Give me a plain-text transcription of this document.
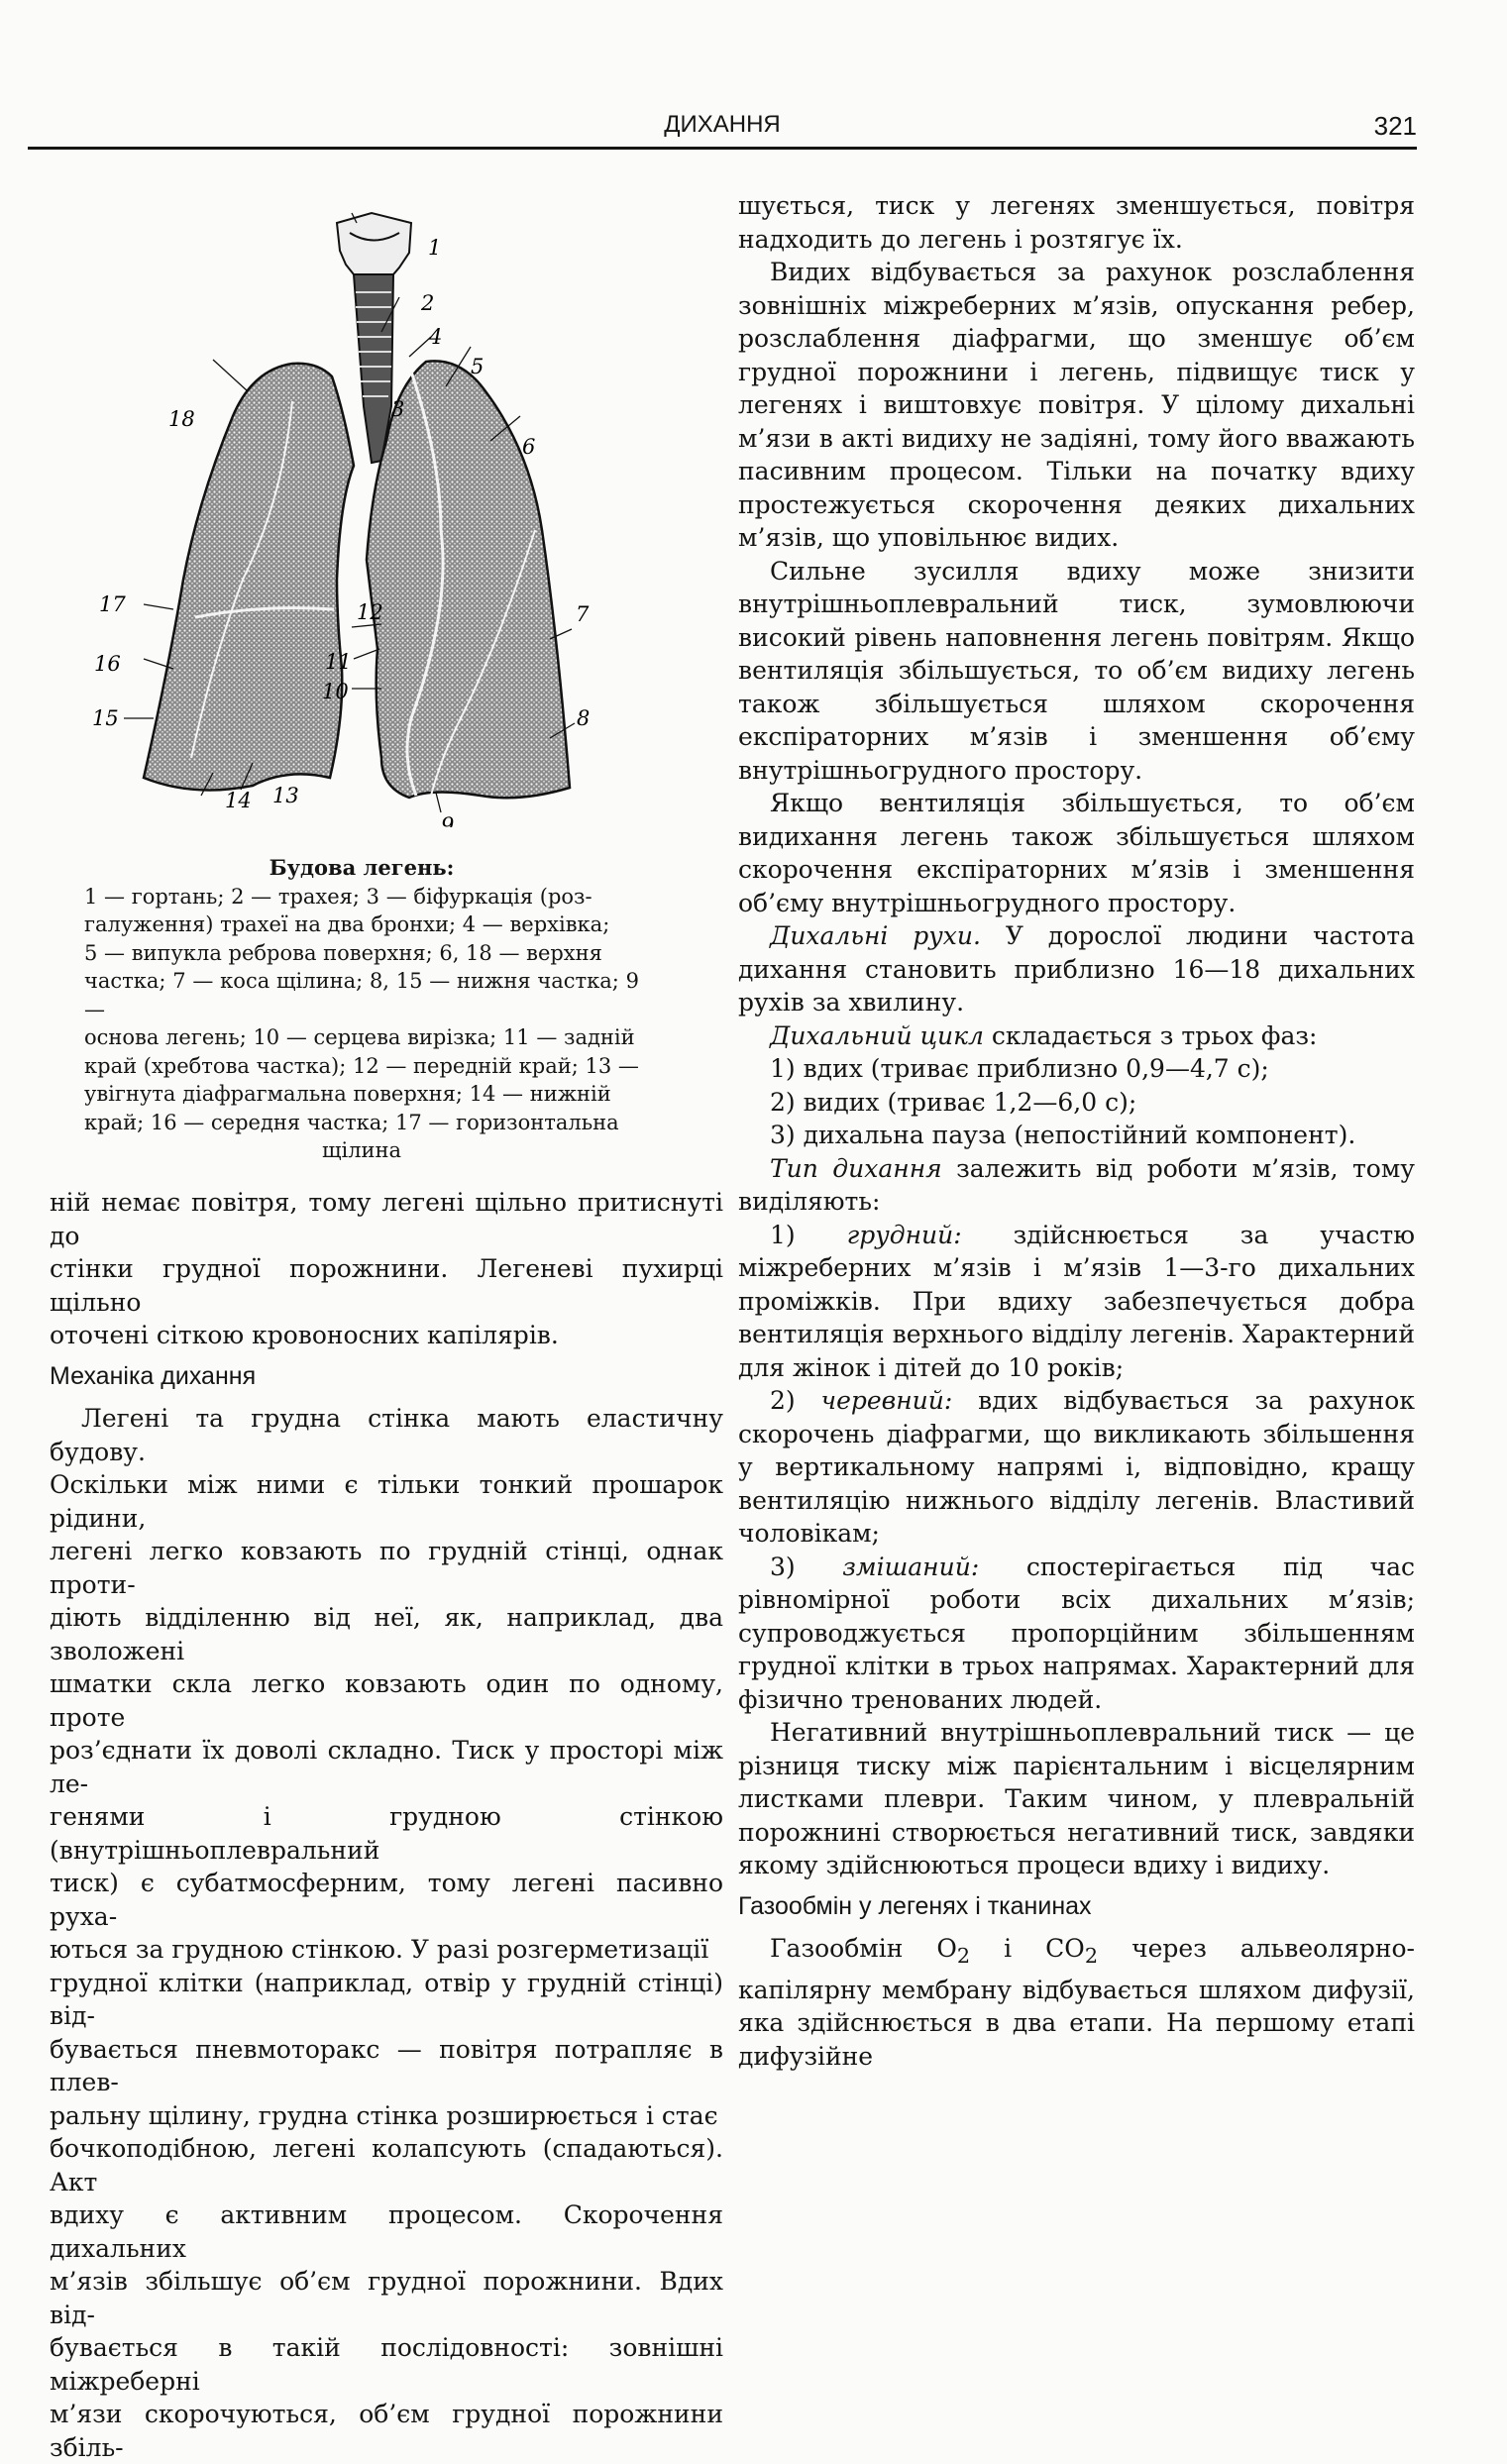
ДИХАННЯ	321
1
2
3
4
5
6
7
8
9
10
11
12
13
14
15
16
17
18
Будова легень:
1 — гортань; 2 — трахея; 3 — біфуркація (роз-
галуження) трахеї на два бронхи; 4 — верхівка;
5 — випукла реброва поверхня; 6, 18 — верхня
частка; 7 — коса щілина; 8, 15 — нижня частка; 9 —
основа легень; 10 — серцева вирізка; 11 — задній
край (хребтова частка); 12 — передній край; 13 —
увігнута діафрагмальна поверхня; 14 — нижній
край; 16 — середня частка; 17 — горизонтальна
щілина

ній немає повітря, тому легені щільно притиснуті до

стінки грудної порожнини. Легеневі пухирці щільно

оточені сіткою кровоносних капілярів.

Механіка дихання

Легені та грудна стінка мають еластичну будову.

Оскільки між ними є тільки тонкий прошарок рідини,

легені легко ковзають по грудній стінці, однак проти-

діють відділенню від неї, як, наприклад, два зволожені

шматки скла легко ковзають один по одному, проте

роз’єднати їх доволі складно. Тиск у просторі між ле-

генями і грудною стінкою (внутрішньоплевральний

тиск) є субатмосферним, тому легені пасивно руха-

ються за грудною стінкою. У разі розгерметизації

грудної клітки (наприклад, отвір у грудній стінці) від-

бувається пневмоторакс — повітря потрапляє в плев-

ральну щілину, грудна стінка розширюється і стає

бочкоподібною, легені колапсують (спадаються). Акт

вдиху є активним процесом. Скорочення дихальних

м’язів збільшує об’єм грудної порожнини. Вдих від-

бувається в такій послідовності: зовнішні міжреберні

м’язи скорочуються, об’єм грудної порожнини збіль-

шується, тиск у легенях зменшується, повітря надходить до легень і розтягує їх.

Видих відбувається за рахунок розслаблення зовнішніх міжреберних м’язів, опускання ребер, розслаблення діафрагми, що зменшує об’єм грудної порожнини і легень, підвищує тиск у легенях і виштовхує повітря. У цілому дихальні м’язи в акті видиху не задіяні, тому його вважають пасивним процесом. Тільки на початку вдиху простежується скорочення деяких дихальних м’язів, що уповільнює видих.

Сильне зусилля вдиху може знизити внутрішньоплевральний тиск, зумовлюючи високий рівень наповнення легень повітрям. Якщо вентиляція збільшується, то об’єм видиху легень також збільшується шляхом скорочення експіраторних м’язів і зменшення об’єму внутрішньогрудного простору.

Якщо вентиляція збільшується, то об’єм видихання легень також збільшується шляхом скорочення експіраторних м’язів і зменшення об’єму внутрішньогрудного простору.

Дихальні рухи. У дорослої людини частота дихання становить приблизно 16—18 дихальних рухів за хвилину.

Дихальний цикл складається з трьох фаз:

1) вдих (триває приблизно 0,9—4,7 с);

2) видих (триває 1,2—6,0 с);

3) дихальна пауза (непостійний компонент).

Тип дихання залежить від роботи м’язів, тому виділяють:

1) грудний: здійснюється за участю міжреберних м’язів і м’язів 1—3-го дихальних проміжків. При вдиху забезпечується добра вентиляція верхнього відділу легенів. Характерний для жінок і дітей до 10 років;

2) черевний: вдих відбувається за рахунок скорочень діафрагми, що викликають збільшення у вертикальному напрямі і, відповідно, кращу вентиляцію нижнього відділу легенів. Властивий чоловікам;

3) змішаний: спостерігається під час рівномірної роботи всіх дихальних м’язів; супроводжується пропорційним збільшенням грудної клітки в трьох напрямах. Характерний для фізично тренованих людей.

Негативний внутрішньоплевральний тиск — це різниця тиску між парієнтальним і вісцелярним листками плеври. Таким чином, у плевральній порожнині створюється негативний тиск, завдяки якому здійснюються процеси вдиху і видиху.

Газообмін у легенях і тканинах

Газообмін $O_2$ і $CO_2$ через альвеолярно-капілярну мембрану відбувається шляхом дифузії, яка здійснюється в два етапи. На першому етапі дифузійне
